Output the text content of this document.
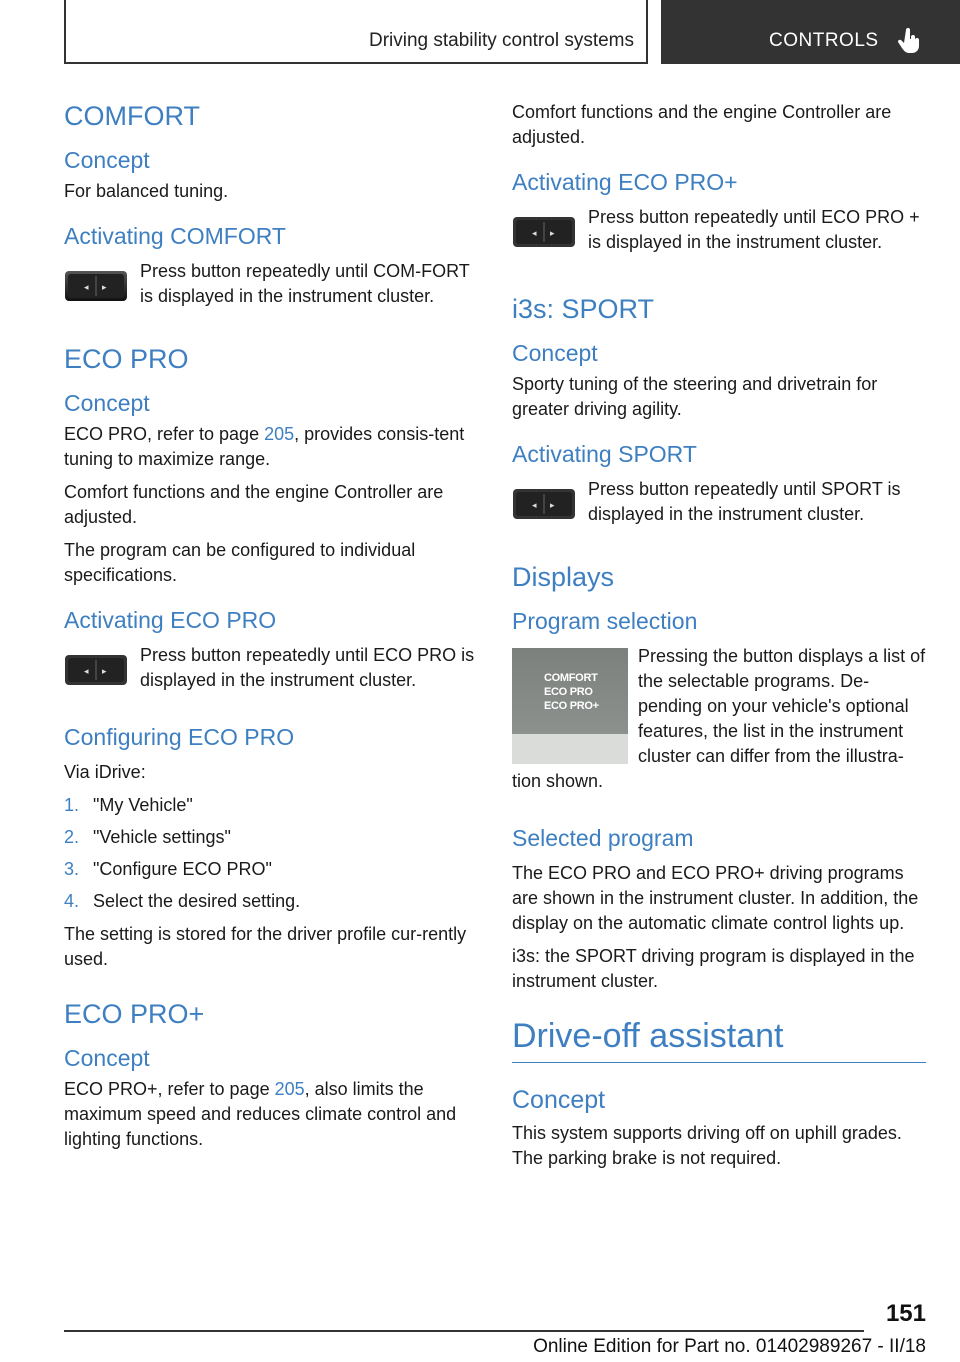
Driving stability control systems	CONTROLS
COMFORT
Concept

For balanced tuning.

Activating COMFORT
◂ ▸

Press button repeatedly until COM‐FORT is displayed in the instrument cluster.

ECO PRO
Concept

ECO PRO, refer to page 205, provides consis‐tent tuning to maximize range.

Comfort functions and the engine Controller are adjusted.

The program can be configured to individual specifications.

Activating ECO PRO
◂ ▸

Press button repeatedly until ECO PRO is displayed in the instrument cluster.

Configuring ECO PRO

Via iDrive:

1. "My Vehicle"
2. "Vehicle settings"
3. "Configure ECO PRO"
4. Select the desired setting.

The setting is stored for the driver profile cur‐rently used.

ECO PRO+
Concept

ECO PRO+, refer to page 205, also limits the maximum speed and reduces climate control and lighting functions.

Comfort functions and the engine Controller are adjusted.

Activating ECO PRO+
◂ ▸

Press button repeatedly until ECO PRO + is displayed in the instrument cluster.

i3s: SPORT
Concept

Sporty tuning of the steering and drivetrain for greater driving agility.

Activating SPORT
◂ ▸

Press button repeatedly until SPORT is displayed in the instrument cluster.

Displays
Program selection
COMFORT
ECO PRO
ECO PRO+

Pressing the button displays a list of the selectable programs. De‐pending on your vehicle's optional features, the list in the instrument cluster can differ from the illustra‐tion shown.

Selected program

The ECO PRO and ECO PRO+ driving programs are shown in the instrument cluster. In addition, the display on the automatic climate control lights up.

i3s: the SPORT driving program is displayed in the instrument cluster.

Drive-off assistant
Concept

This system supports driving off on uphill grades. The parking brake is not required.

151
Online Edition for Part no. 01402989267 - II/18
